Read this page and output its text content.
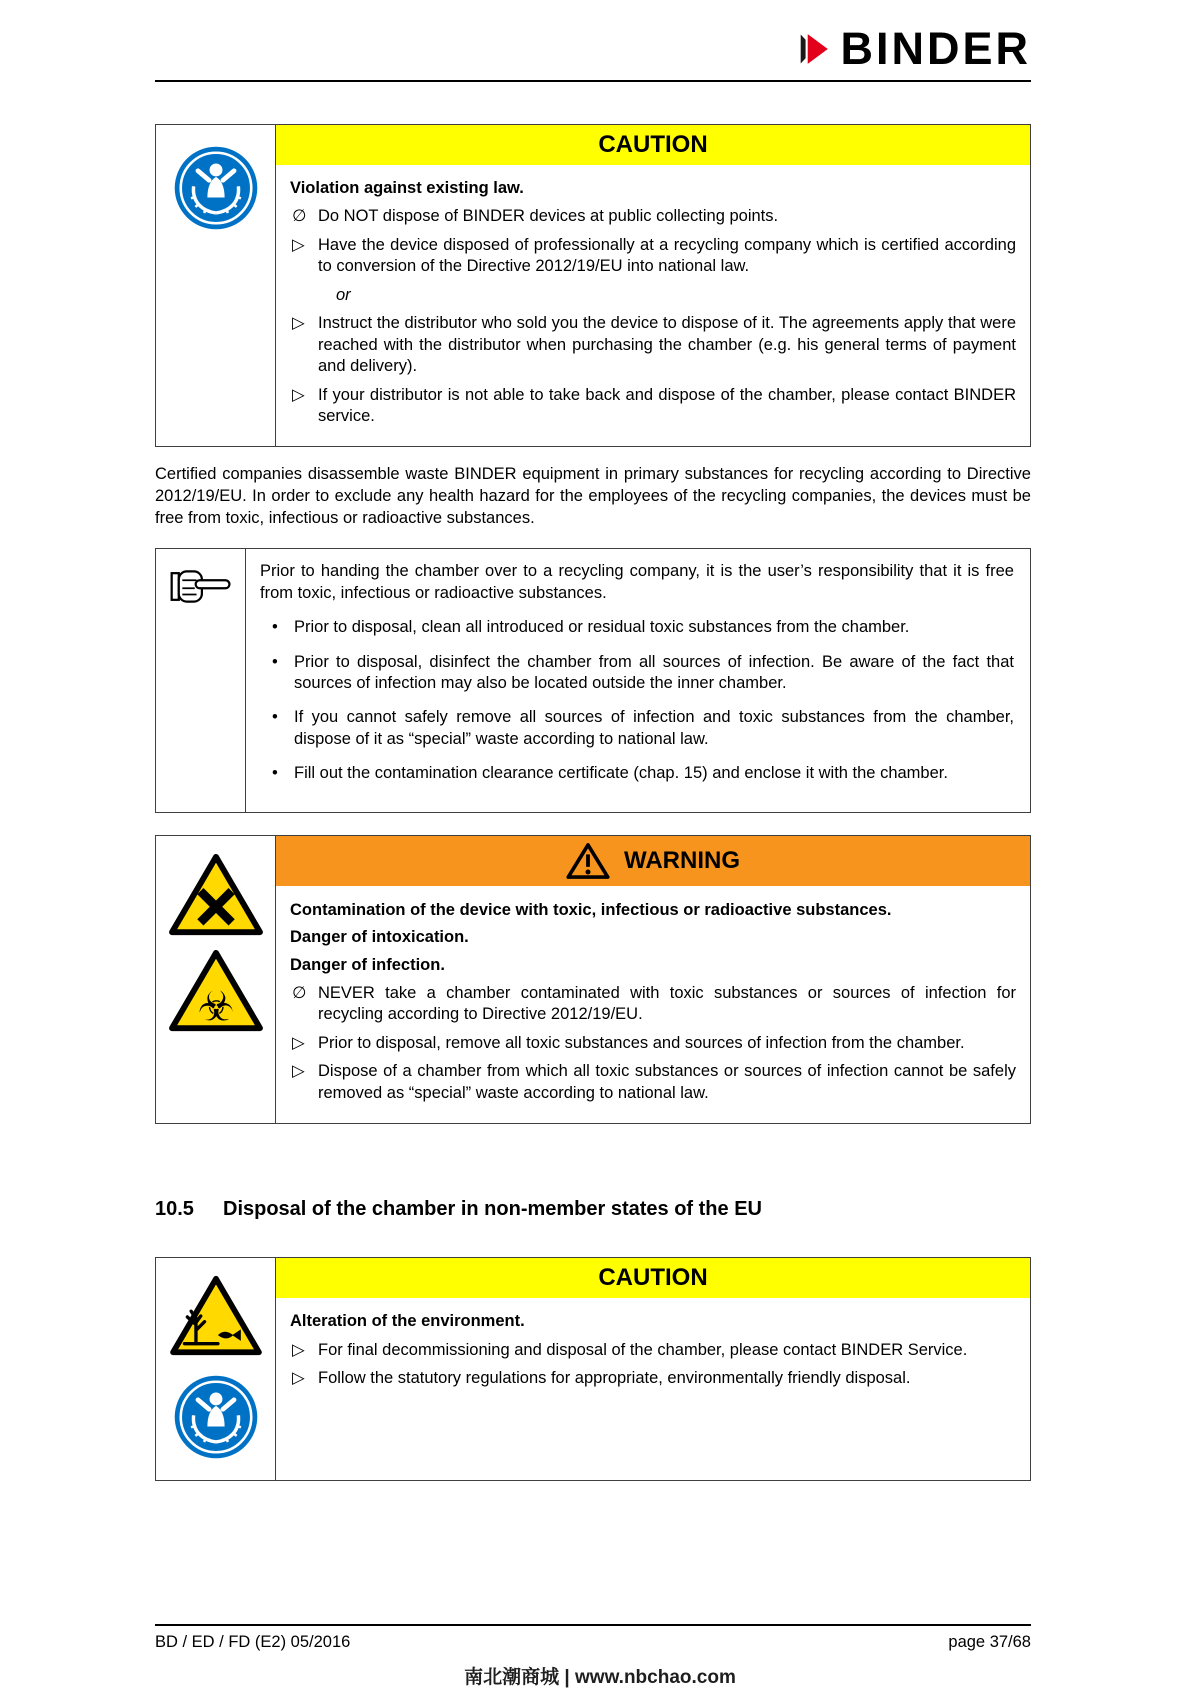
BINDER
CAUTION
Violation against existing law.
∅ Do NOT dispose of BINDER devices at public collecting points.
▷ Have the device disposed of professionally at a recycling company which is certified according to conversion of the Directive 2012/19/EU into national law.
or
▷ Instruct the distributor who sold you the device to dispose of it. The agreements apply that were reached with the distributor when purchasing the chamber (e.g. his general terms of payment and delivery).
▷ If your distributor is not able to take back and dispose of the chamber, please contact BINDER service.

Certified companies disassemble waste BINDER equipment in primary substances for recycling according to Directive 2012/19/EU. In order to exclude any health hazard for the employees of the recycling companies, the devices must be free from toxic, infectious or radioactive substances.

Prior to handing the chamber over to a recycling company, it is the user’s responsibility that it is free from toxic, infectious or radioactive substances.
• Prior to disposal, clean all introduced or residual toxic substances from the chamber.
• Prior to disposal, disinfect the chamber from all sources of infection. Be aware of the fact that sources of infection may also be located outside the inner chamber.
• If you cannot safely remove all sources of infection and toxic substances from the chamber, dispose of it as “special” waste according to national law.
• Fill out the contamination clearance certificate (chap. 15) and enclose it with the chamber.
☣
WARNING
Contamination of the device with toxic, infectious or radioactive substances.
Danger of intoxication.
Danger of infection.
∅ NEVER take a chamber contaminated with toxic substances or sources of infection for recycling according to Directive 2012/19/EU.
▷ Prior to disposal, remove all toxic substances and sources of infection from the chamber.
▷ Dispose of a chamber from which all toxic substances or sources of infection cannot be safely removed as “special” waste according to national law.
10.5	Disposal of the chamber in non-member states of the EU
CAUTION
Alteration of the environment.
▷ For final decommissioning and disposal of the chamber, please contact BINDER Service.
▷ Follow the statutory regulations for appropriate, environmentally friendly disposal.
BD / ED / FD (E2) 05/2016	page 37/68
南北潮商城 | www.nbchao.com
